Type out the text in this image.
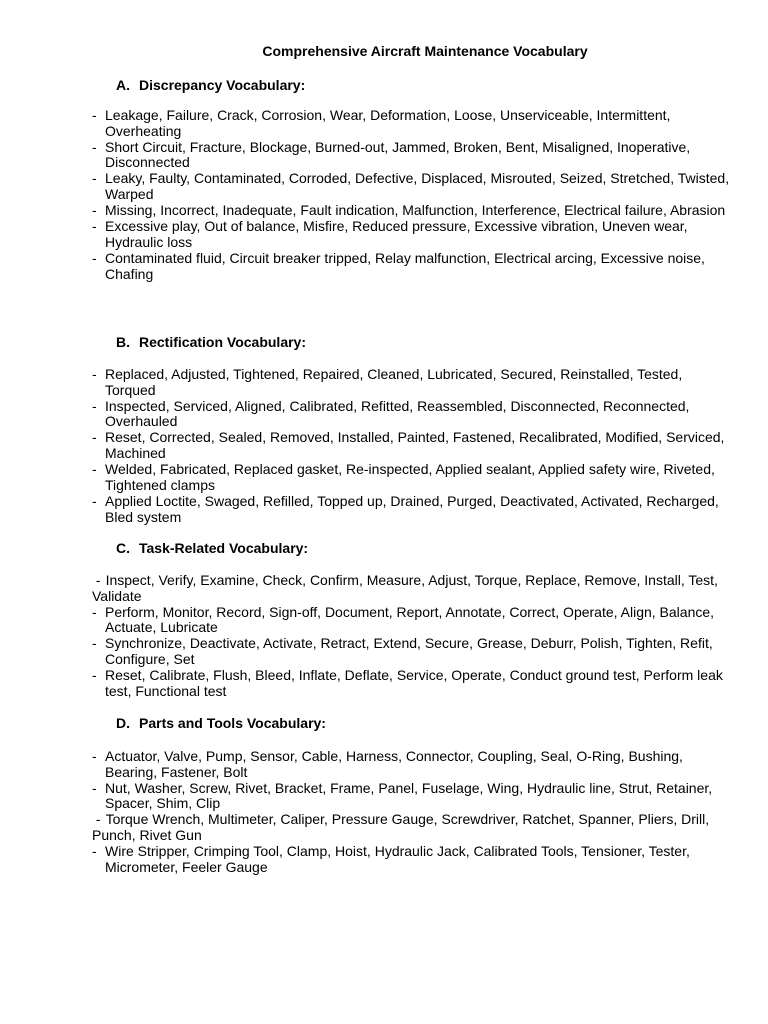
Comprehensive Aircraft Maintenance Vocabulary
A. Discrepancy Vocabulary:
- Leakage, Failure, Crack, Corrosion, Wear, Deformation, Loose, Unserviceable, Intermittent, Overheating
- Short Circuit, Fracture, Blockage, Burned-out, Jammed, Broken, Bent, Misaligned, Inoperative, Disconnected
- Leaky, Faulty, Contaminated, Corroded, Defective, Displaced, Misrouted, Seized, Stretched, Twisted, Warped
- Missing, Incorrect, Inadequate, Fault indication, Malfunction, Interference, Electrical failure, Abrasion
- Excessive play, Out of balance, Misfire, Reduced pressure, Excessive vibration, Uneven wear, Hydraulic loss
- Contaminated fluid, Circuit breaker tripped, Relay malfunction, Electrical arcing, Excessive noise, Chafing
B. Rectification Vocabulary:
- Replaced, Adjusted, Tightened, Repaired, Cleaned, Lubricated, Secured, Reinstalled, Tested, Torqued
- Inspected, Serviced, Aligned, Calibrated, Refitted, Reassembled, Disconnected, Reconnected, Overhauled
- Reset, Corrected, Sealed, Removed, Installed, Painted, Fastened, Recalibrated, Modified, Serviced, Machined
- Welded, Fabricated, Replaced gasket, Re-inspected, Applied sealant, Applied safety wire, Riveted, Tightened clamps
- Applied Loctite, Swaged, Refilled, Topped up, Drained, Purged, Deactivated, Activated, Recharged, Bled system
C. Task-Related Vocabulary:
- Inspect, Verify, Examine, Check, Confirm, Measure, Adjust, Torque, Replace, Remove, Install, Test, Validate
- Perform, Monitor, Record, Sign-off, Document, Report, Annotate, Correct, Operate, Align, Balance, Actuate, Lubricate
- Synchronize, Deactivate, Activate, Retract, Extend, Secure, Grease, Deburr, Polish, Tighten, Refit, Configure, Set
- Reset, Calibrate, Flush, Bleed, Inflate, Deflate, Service, Operate, Conduct ground test, Perform leak test, Functional test
D. Parts and Tools Vocabulary:
- Actuator, Valve, Pump, Sensor, Cable, Harness, Connector, Coupling, Seal, O-Ring, Bushing, Bearing, Fastener, Bolt
- Nut, Washer, Screw, Rivet, Bracket, Frame, Panel, Fuselage, Wing, Hydraulic line, Strut, Retainer, Spacer, Shim, Clip
- Torque Wrench, Multimeter, Caliper, Pressure Gauge, Screwdriver, Ratchet, Spanner, Pliers, Drill, Punch, Rivet Gun
- Wire Stripper, Crimping Tool, Clamp, Hoist, Hydraulic Jack, Calibrated Tools, Tensioner, Tester, Micrometer, Feeler Gauge
